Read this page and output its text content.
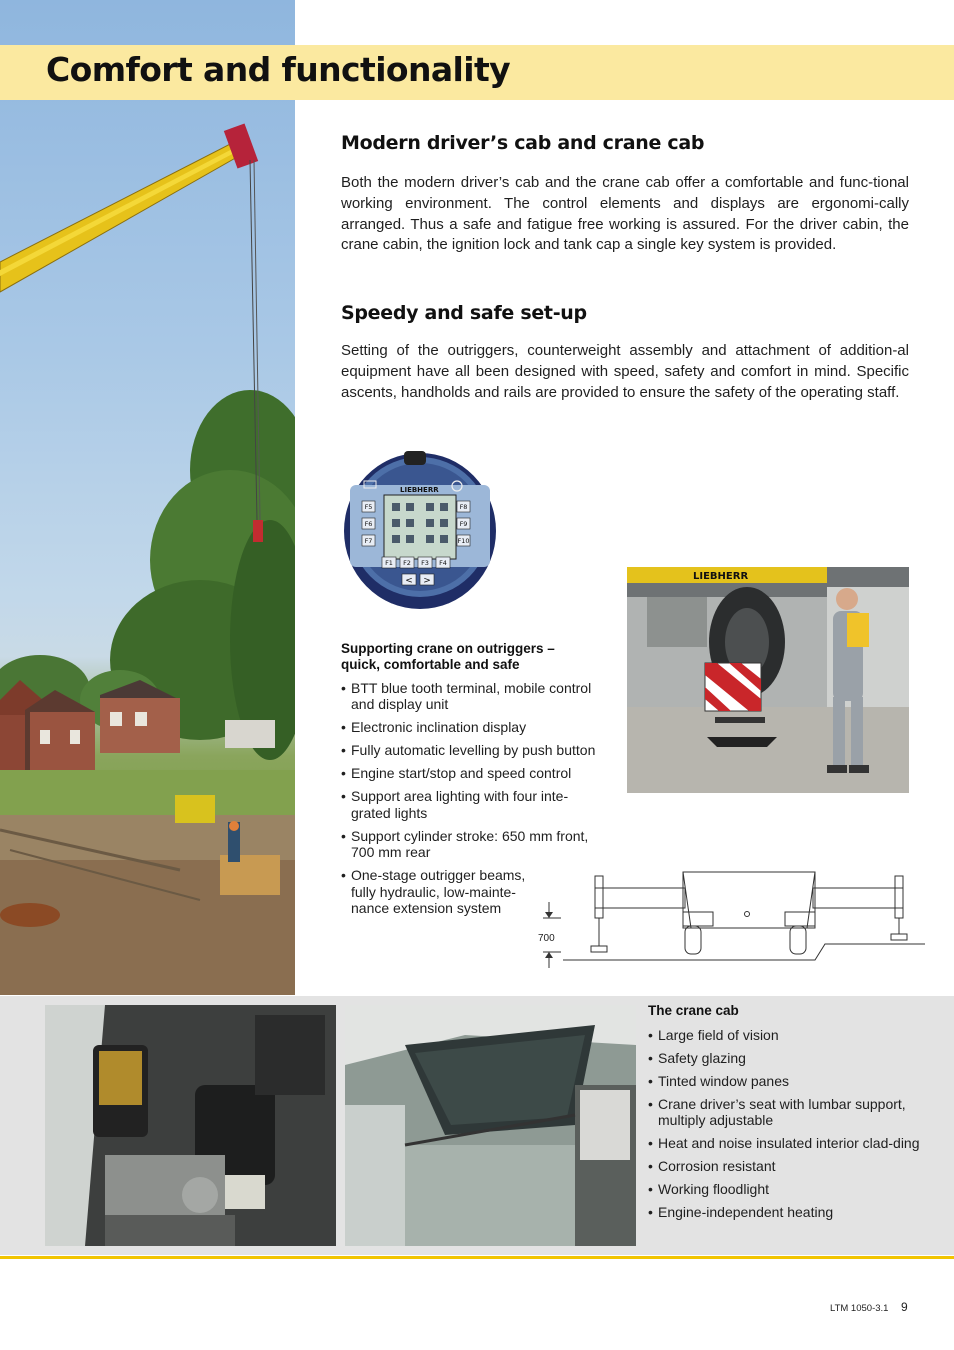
Comfort and functionality
Modern driver’s cab and crane cab

Both the modern driver’s cab and the crane cab offer a comfortable and func-tional working environment. The control elements and displays are ergonomi-cally arranged. Thus a safe and fatigue free working is assured. For the driver cabin, the crane cabin, the ignition lock and tank cap a single key system is provided.

Speedy and safe set-up

Setting of the outriggers, counterweight assembly and attachment of addition-al equipment have all been designed with speed, safety and comfort in mind. Specific ascents, handholds and rails are provided to ensure the safety of the operating staff.

LIEBHERR
F5
F6
F7
F8
F9
F10
F1 F2 F3 F4
< >

Supporting crane on outriggers – quick, comfortable and safe

• BTT blue tooth terminal, mobile control and display unit
• Electronic inclination display
• Fully automatic levelling by push button
• Engine start/stop and speed control
• Support area lighting with four inte-grated lights
• Support cylinder stroke: 650 mm front, 700 mm rear
• One-stage outrigger beams, fully hydraulic, low-mainte-nance extension system
LIEBHERR
700

The crane cab

• Large field of vision
• Safety glazing
• Tinted window panes
• Crane driver’s seat with lumbar support, multiply adjustable
• Heat and noise insulated interior clad-ding
• Corrosion resistant
• Working floodlight
• Engine-independent heating
LTM 1050-3.1 9
